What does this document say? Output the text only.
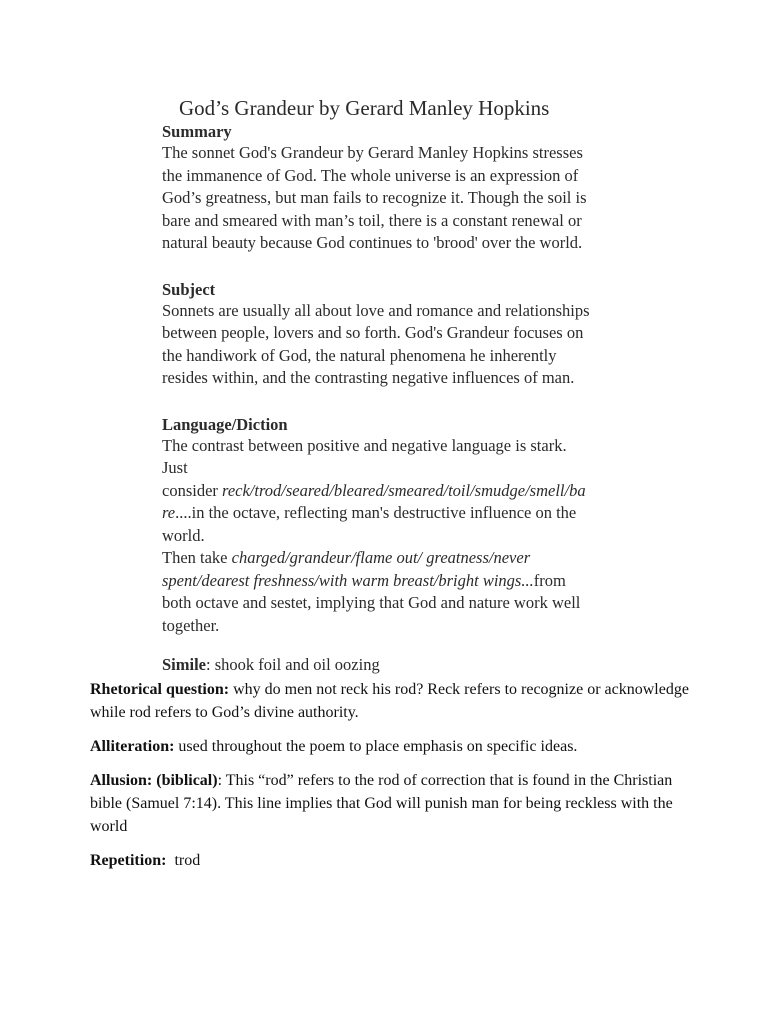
God’s Grandeur by Gerard Manley Hopkins

Summary

The sonnet God's Grandeur by Gerard Manley Hopkins stresses
the immanence of God. The whole universe is an expression of
God’s greatness, but man fails to recognize it. Though the soil is
bare and smeared with man’s toil, there is a constant renewal or
natural beauty because God continues to 'brood' over the world.

Subject

Sonnets are usually all about love and romance and relationships
between people, lovers and so forth. God's Grandeur focuses on
the handiwork of God, the natural phenomena he inherently
resides within, and the contrasting negative influences of man.

Language/Diction

The contrast between positive and negative language is stark.
Just
consider reck/trod/seared/bleared/smeared/toil/smudge/smell/ba
re....in the octave, reflecting man's destructive influence on the
world.
Then take charged/grandeur/flame out/ greatness/never
spent/dearest freshness/with warm breast/bright wings...from
both octave and sestet, implying that God and nature work well
together.
Simile: shook foil and oil oozing

Rhetorical question: why do men not reck his rod? Reck refers to recognize or acknowledge while rod refers to God’s divine authority.

Alliteration: used throughout the poem to place emphasis on specific ideas.

Allusion: (biblical): This “rod” refers to the rod of correction that is found in the Christian bible (Samuel 7:14). This line implies that God will punish man for being reckless with the world

Repetition:  trod
